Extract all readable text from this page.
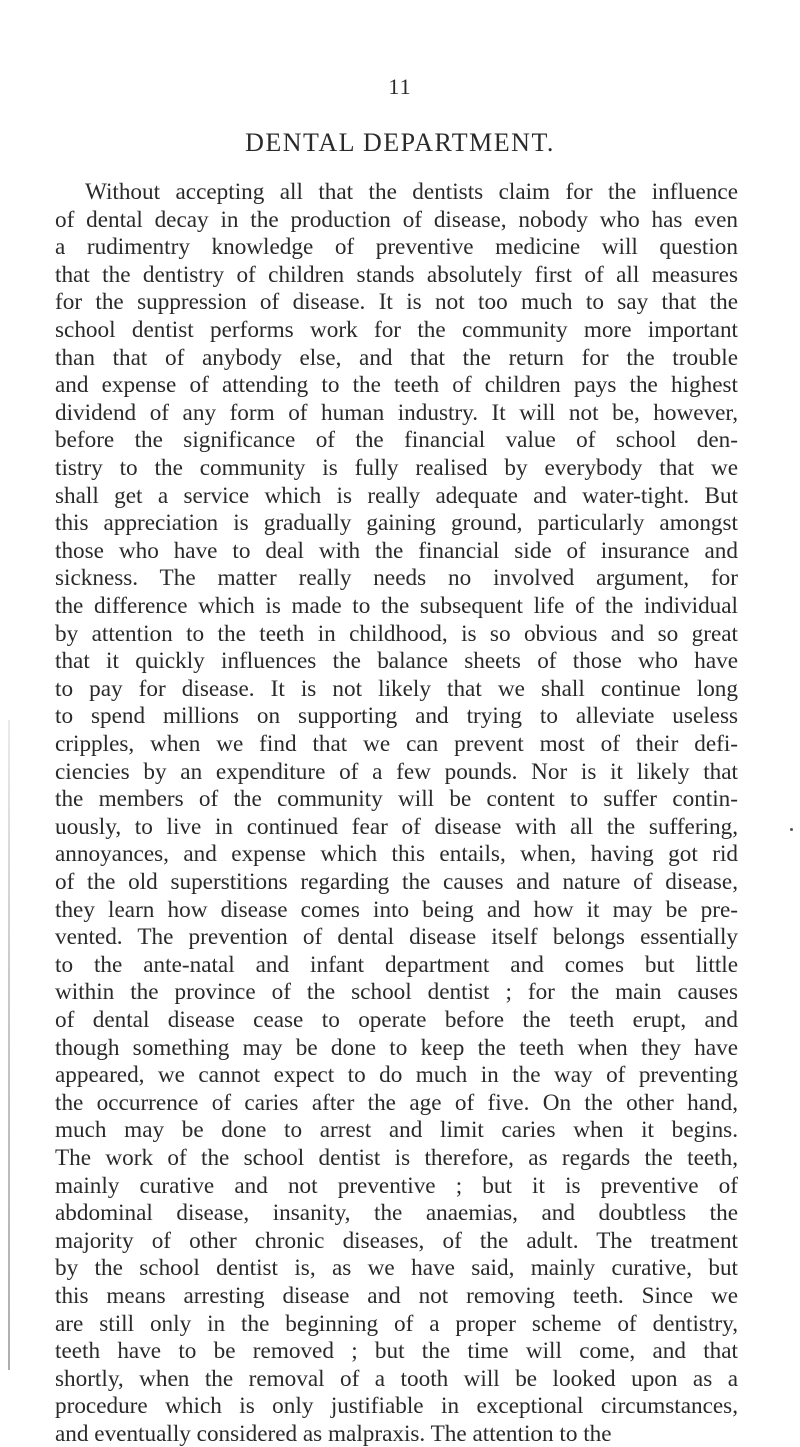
11
DENTAL DEPARTMENT.
Without accepting all that the dentists claim for the influence
of dental decay in the production of disease, nobody who has even
a rudimentry knowledge of preventive medicine will question
that the dentistry of children stands absolutely first of all measures
for the suppression of disease. It is not too much to say that the
school dentist performs work for the community more important
than that of anybody else, and that the return for the trouble
and expense of attending to the teeth of children pays the highest
dividend of any form of human industry. It will not be, however,
before the significance of the financial value of school den-
tistry to the community is fully realised by everybody that we
shall get a service which is really adequate and water-tight. But
this appreciation is gradually gaining ground, particularly amongst
those who have to deal with the financial side of insurance and
sickness. The matter really needs no involved argument, for
the difference which is made to the subsequent life of the individual
by attention to the teeth in childhood, is so obvious and so great
that it quickly influences the balance sheets of those who have
to pay for disease. It is not likely that we shall continue long
to spend millions on supporting and trying to alleviate useless
cripples, when we find that we can prevent most of their defi-
ciencies by an expenditure of a few pounds. Nor is it likely that
the members of the community will be content to suffer contin-
uously, to live in continued fear of disease with all the suffering,
annoyances, and expense which this entails, when, having got rid
of the old superstitions regarding the causes and nature of disease,
they learn how disease comes into being and how it may be pre-
vented. The prevention of dental disease itself belongs essentially
to the ante-natal and infant department and comes but little
within the province of the school dentist ; for the main causes
of dental disease cease to operate before the teeth erupt, and
though something may be done to keep the teeth when they have
appeared, we cannot expect to do much in the way of preventing
the occurrence of caries after the age of five. On the other hand,
much may be done to arrest and limit caries when it begins.
The work of the school dentist is therefore, as regards the teeth,
mainly curative and not preventive ; but it is preventive of
abdominal disease, insanity, the anaemias, and doubtless the
majority of other chronic diseases, of the adult. The treatment
by the school dentist is, as we have said, mainly curative, but
this means arresting disease and not removing teeth. Since we
are still only in the beginning of a proper scheme of dentistry,
teeth have to be removed ; but the time will come, and that
shortly, when the removal of a tooth will be looked upon as a
procedure which is only justifiable in exceptional circumstances,
and eventually considered as malpraxis. The attention to the
